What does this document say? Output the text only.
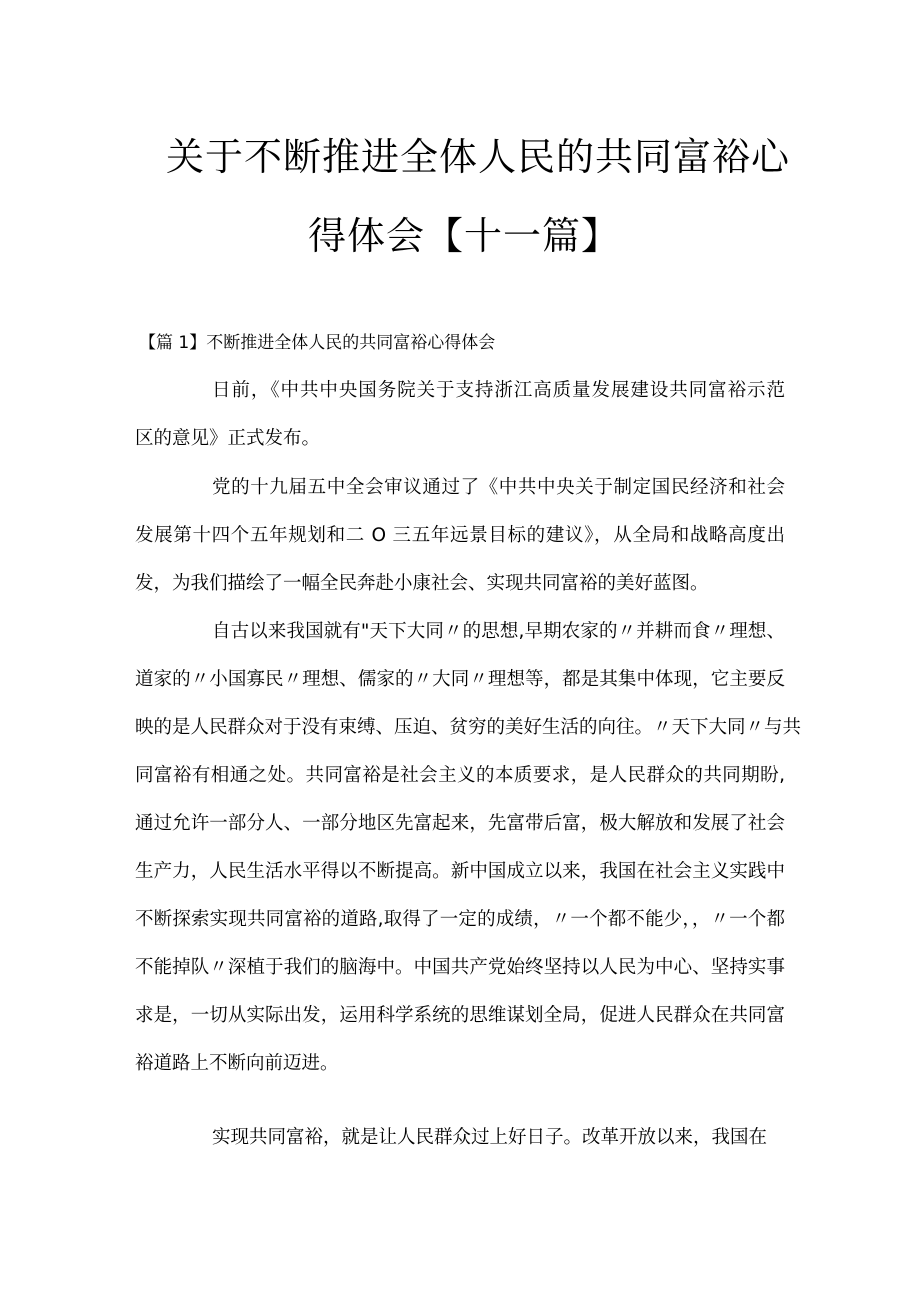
关于不断推进全体人民的共同富裕心
得体会【十一篇】
【篇 1】不断推进全体人民的共同富裕心得体会
日前，《中共中央国务院关于支持浙江高质量发展建设共同富裕示范
区的意见》正式发布。
党的十九届五中全会审议通过了《中共中央关于制定国民经济和社会
发展第十四个五年规划和二 O 三五年远景目标的建议》，从全局和战略高度出
发，为我们描绘了一幅全民奔赴小康社会、实现共同富裕的美好蓝图。
自古以来我国就有"天下大同〃的思想,早期农家的〃并耕而食〃理想、
道家的〃小国寡民〃理想、儒家的〃大同〃理想等，都是其集中体现，它主要反
映的是人民群众对于没有束缚、压迫、贫穷的美好生活的向往。〃天下大同〃与共
同富裕有相通之处。共同富裕是社会主义的本质要求，是人民群众的共同期盼,
通过允许一部分人、一部分地区先富起来，先富带后富，极大解放和发展了社会
生产力，人民生活水平得以不断提高。新中国成立以来，我国在社会主义实践中
不断探索实现共同富裕的道路,取得了一定的成绩，〃一个都不能少，，〃一个都
不能掉队〃深植于我们的脑海中。中国共产党始终坚持以人民为中心、坚持实事
求是，一切从实际出发，运用科学系统的思维谋划全局，促进人民群众在共同富
裕道路上不断向前迈进。
实现共同富裕，就是让人民群众过上好日子。改革开放以来，我国在
